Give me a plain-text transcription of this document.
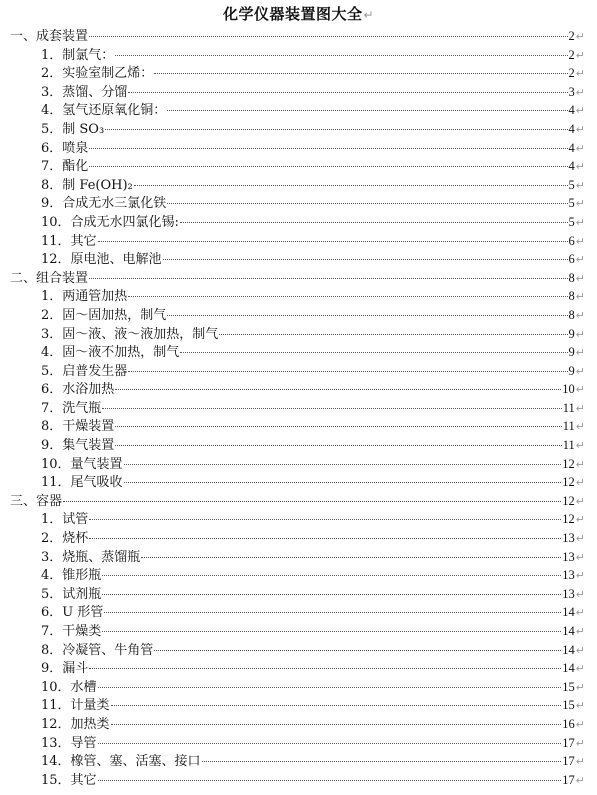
化学仪器装置图大全↵
一、成套装置	2↵
1．制氯气：	2↵
2．实验室制乙烯：	2↵
3．蒸馏、分馏	3↵
4．氢气还原氧化铜：	4↵
5．制 SO₃	4↵
6．喷泉	4↵
7．酯化	4↵
8．制 Fe(OH)₂	5↵
9．合成无水三氯化铁	5↵
10．合成无水四氯化锡:	5↵
11．其它	6↵
12．原电池、电解池	6↵
二、组合装置	8↵
1．两通管加热	8↵
2．固～固加热，制气	8↵
3．固～液、液～液加热，制气	9↵
4．固～液不加热，制气	9↵
5．启普发生器	9↵
6．水浴加热	10↵
7．洗气瓶	11↵
8．干燥装置	11↵
9．集气装置	11↵
10．量气装置	12↵
11．尾气吸收	12↵
三、容器	12↵
1．试管	12↵
2．烧杯	13↵
3．烧瓶、蒸馏瓶	13↵
4．锥形瓶	13↵
5．试剂瓶	13↵
6．U 形管	14↵
7．干燥类	14↵
8．冷凝管、牛角管	14↵
9．漏斗	14↵
10．水槽	15↵
11．计量类	15↵
12．加热类	16↵
13．导管	17↵
14．橡管、塞、活塞、接口	17↵
15．其它	17↵
